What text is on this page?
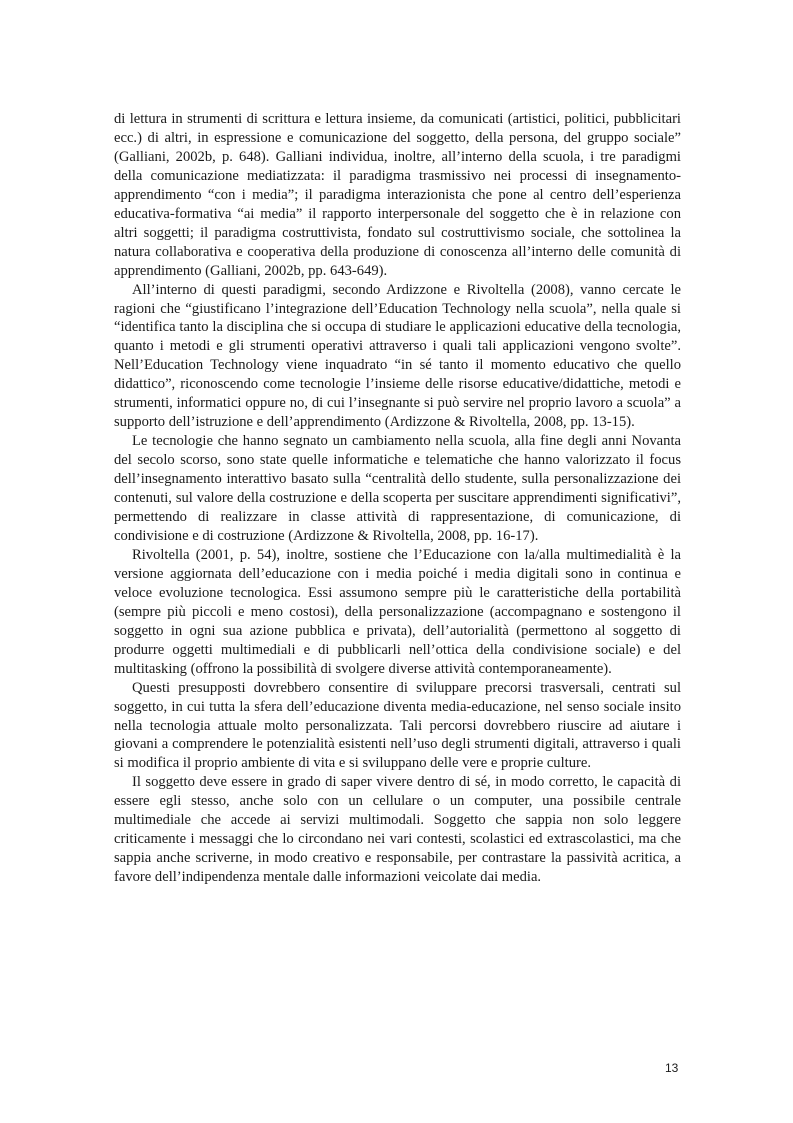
di lettura in strumenti di scrittura e lettura insieme, da comunicati (artistici, politici, pubblicitari ecc.) di altri, in espressione e comunicazione del soggetto, della persona, del gruppo sociale” (Galliani, 2002b, p. 648). Galliani individua, inoltre, all’interno della scuola, i tre paradigmi della comunicazione mediatizzata: il paradigma trasmissivo nei processi di insegnamento-apprendimento “con i media”; il paradigma interazionista che pone al centro dell’esperienza educativa-formativa “ai media” il rapporto interpersonale del soggetto che è in relazione con altri soggetti; il paradigma costruttivista, fondato sul costruttivismo sociale, che sottolinea la natura collaborativa e cooperativa della produzione di conoscenza all’interno delle comunità di apprendimento (Galliani, 2002b, pp. 643-649).

All’interno di questi paradigmi, secondo Ardizzone e Rivoltella (2008), vanno cercate le ragioni che “giustificano l’integrazione dell’Education Technology nella scuola”, nella quale si “identifica tanto la disciplina che si occupa di studiare le applicazioni educative della tecnologia, quanto i metodi e gli strumenti operativi attraverso i quali tali applicazioni vengono svolte”. Nell’Education Technology viene inquadrato “in sé tanto il momento educativo che quello didattico”, riconoscendo come tecnologie l’insieme delle risorse educative/didattiche, metodi e strumenti, informatici oppure no, di cui l’insegnante si può servire nel proprio lavoro a scuola” a supporto dell’istruzione e dell’apprendimento (Ardizzone & Rivoltella, 2008, pp. 13-15).

Le tecnologie che hanno segnato un cambiamento nella scuola, alla fine degli anni Novanta del secolo scorso, sono state quelle informatiche e telematiche che hanno valorizzato il focus dell’insegnamento interattivo basato sulla “centralità dello studente, sulla personalizzazione dei contenuti, sul valore della costruzione e della scoperta per suscitare apprendimenti significativi”, permettendo di realizzare in classe attività di rappresentazione, di comunicazione, di condivisione e di costruzione (Ardizzone & Rivoltella, 2008, pp. 16-17).

Rivoltella (2001, p. 54), inoltre, sostiene che l’Educazione con la/alla multimedialità è la versione aggiornata dell’educazione con i media poiché i media digitali sono in continua e veloce evoluzione tecnologica. Essi assumono sempre più le caratteristiche della portabilità (sempre più piccoli e meno costosi), della personalizzazione (accompagnano e sostengono il soggetto in ogni sua azione pubblica e privata), dell’autorialità (permettono al soggetto di produrre oggetti multimediali e di pubblicarli nell’ottica della condivisione sociale) e del multitasking (offrono la possibilità di svolgere diverse attività contemporaneamente).

Questi presupposti dovrebbero consentire di sviluppare precorsi trasversali, centrati sul soggetto, in cui tutta la sfera dell’educazione diventa media-educazione, nel senso sociale insito nella tecnologia attuale molto personalizzata. Tali percorsi dovrebbero riuscire ad aiutare i giovani a comprendere le potenzialità esistenti nell’uso degli strumenti digitali, attraverso i quali si modifica il proprio ambiente di vita e si sviluppano delle vere e proprie culture.

Il soggetto deve essere in grado di saper vivere dentro di sé, in modo corretto, le capacità di essere egli stesso, anche solo con un cellulare o un computer, una possibile centrale multimediale che accede ai servizi multimodali. Soggetto che sappia non solo leggere criticamente i messaggi che lo circondano nei vari contesti, scolastici ed extrascolastici, ma che sappia anche scriverne, in modo creativo e responsabile, per contrastare la passività acritica, a favore dell’indipendenza mentale dalle informazioni veicolate dai media.

13
